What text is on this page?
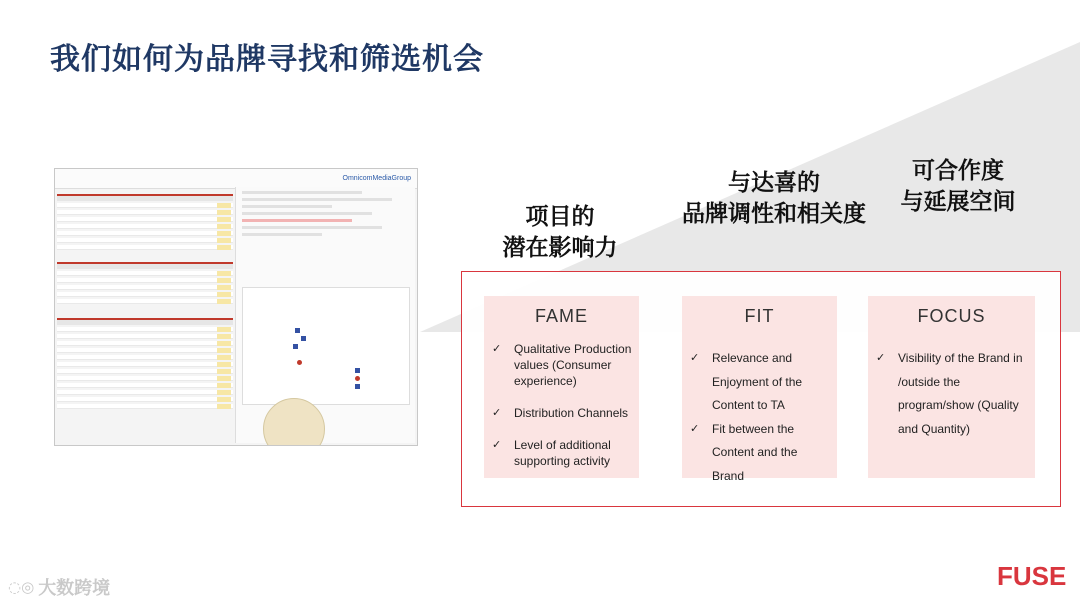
我们如何为品牌寻找和筛选机会
OmnicomMediaGroup
项目的
潜在影响力
与达喜的
品牌调性和相关度
可合作度
与延展空间
FAME
✓ Qualitative Production values (Consumer experience)
✓ Distribution Channels
✓ Level of additional supporting activity
FIT
✓ Relevance and Enjoyment of the Content to TA
✓ Fit between the Content and the Brand
FOCUS
✓ Visibility of the Brand in /outside the program/show (Quality and Quantity)
◌◎ 大数跨境	FUSE
